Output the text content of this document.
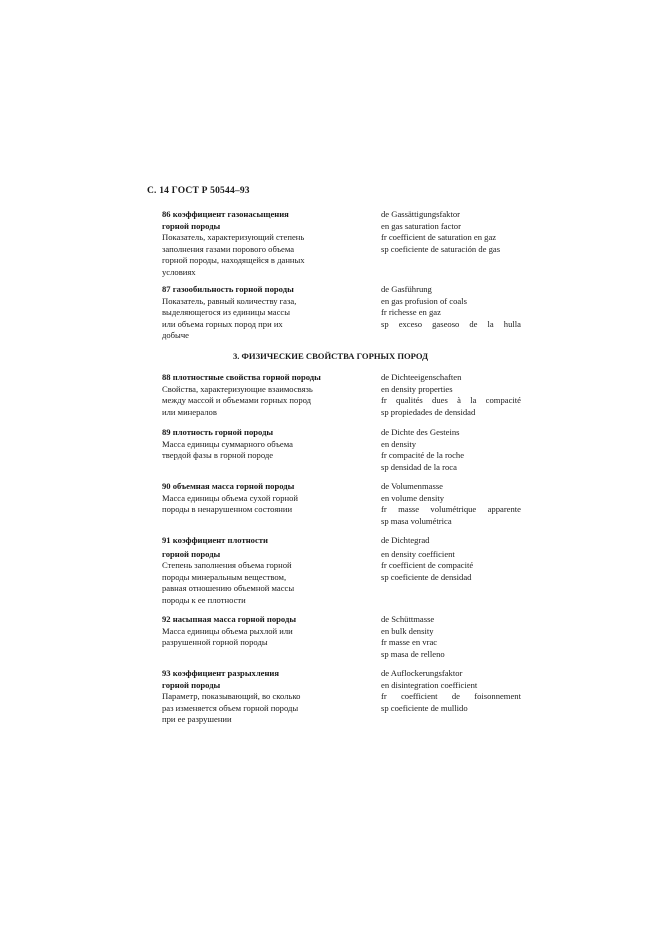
С. 14 ГОСТ Р 50544–93
86 коэффициент газонасыщения
горной породы
Показатель, характеризующий степень
заполнения газами порового объема
горной породы, находящейся в данных
условиях
de Gassättigungsfaktor
en gas saturation factor
fr coefficient de saturation en gaz
sp coeficiente de saturación de gas
87 газообильность горной породы
Показатель, равный количеству газа,
выделяющегося из единицы массы
или объема горных пород при их
добыче
de Gasführung
en gas profusion of coals
fr richesse en gaz
sp exceso gaseoso de la hulla
3. ФИЗИЧЕСКИЕ СВОЙСТВА ГОРНЫХ ПОРОД
88 плотностные свойства горной породы
Свойства, характеризующие взаимосвязь
между массой и объемами горных пород
или минералов
de Dichteeigenschaften
en density properties
fr qualités dues à la compacité
sp propiedades de densidad
89 плотность горной породы
Масса единицы суммарного объема
твердой фазы в горной породе
de Dichte des Gesteins
en density
fr compacité de la roche
sp densidad de la roca
90 объемная масса горной породы
Масса единицы объема сухой горной
породы в ненарушенном состоянии
de Volumenmasse
en volume density
fr masse volumétrique apparente
sp masa volumétrica
91 коэффициент плотности
горной породы
Степень заполнения объема горной
породы минеральным веществом,
равная отношению объемной массы
породы к ее плотности
de Dichtegrad
en density coefficient
fr coefficient de compacité
sp coeficiente de densidad
92 насыпная масса горной породы
Масса единицы объема рыхлой или
разрушенной горной породы
de Schüttmasse
en bulk density
fr masse en vrac
sp masa de relleno
93 коэффициент разрыхления
горной породы
Параметр, показывающий, во сколько
раз изменяется объем горной породы
при ее разрушении
de Auflockerungsfaktor
en disintegration coefficient
fr coefficient de foisonnement
sp coeficiente de mullido
